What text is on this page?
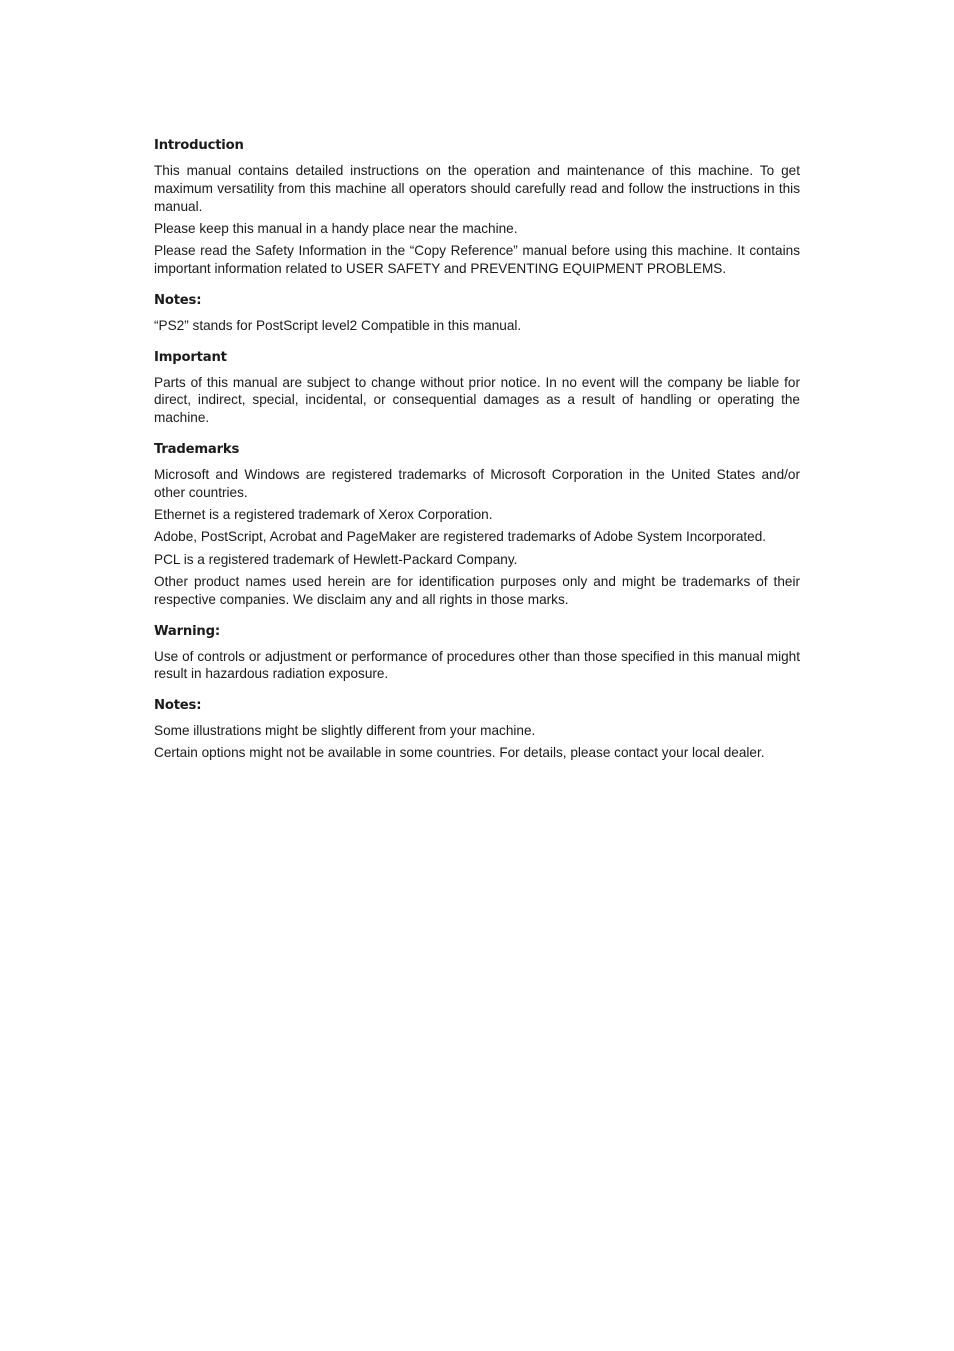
Introduction

This manual contains detailed instructions on the operation and maintenance of this machine. To get maximum versatility from this machine all operators should carefully read and follow the instructions in this manual.

Please keep this manual in a handy place near the machine.

Please read the Safety Information in the “Copy Reference” manual before using this machine. It contains important information related to USER SAFETY and PREVENTING EQUIPMENT PROBLEMS.

Notes:

“PS2” stands for PostScript level2 Compatible in this manual.

Important

Parts of this manual are subject to change without prior notice. In no event will the company be liable for direct, indirect, special, incidental, or consequential damages as a result of handling or operating the machine.

Trademarks

Microsoft and Windows are registered trademarks of Microsoft Corporation in the United States and/or other countries.

Ethernet is a registered trademark of Xerox Corporation.

Adobe, PostScript, Acrobat and PageMaker are registered trademarks of Adobe System Incorporated.

PCL is a registered trademark of Hewlett-Packard Company.

Other product names used herein are for identification purposes only and might be trademarks of their respective companies. We disclaim any and all rights in those marks.

Warning:

Use of controls or adjustment or performance of procedures other than those specified in this manual might result in hazardous radiation exposure.

Notes:

Some illustrations might be slightly different from your machine.

Certain options might not be available in some countries. For details, please contact your local dealer.
